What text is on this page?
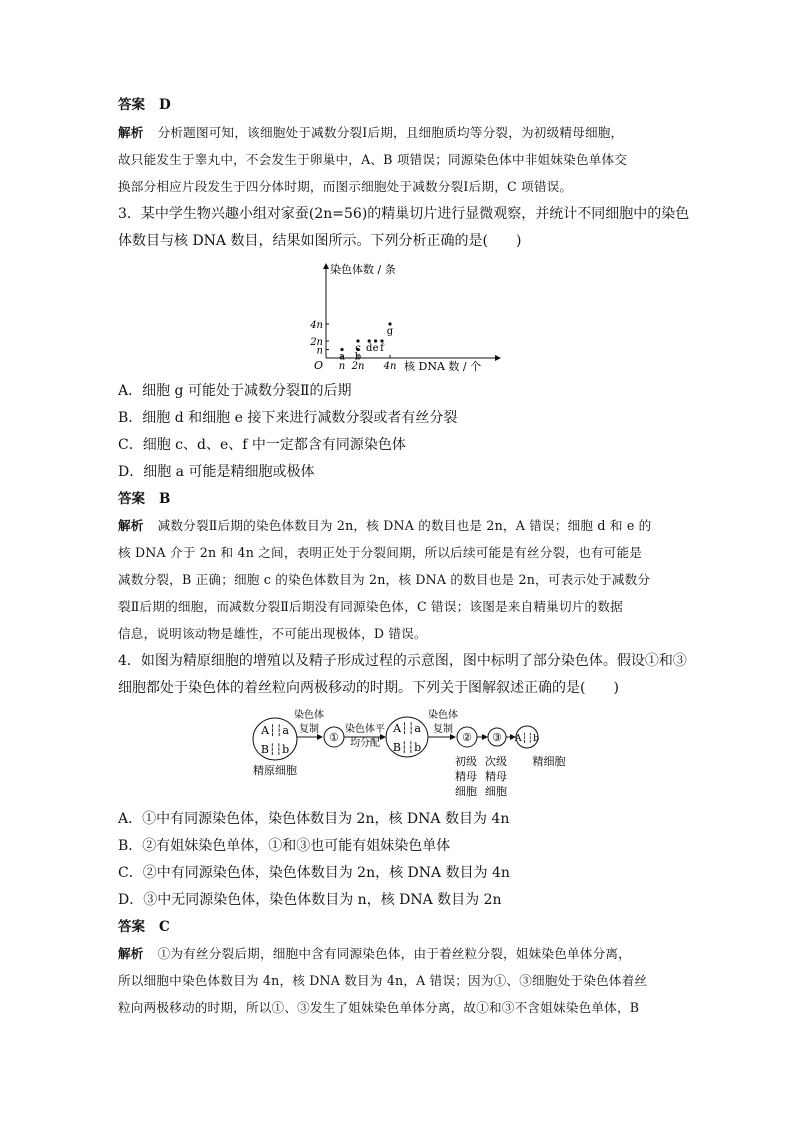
答案 D
解析 分析题图可知，该细胞处于减数分裂Ⅰ后期，且细胞质均等分裂，为初级精母细胞，
故只能发生于睾丸中，不会发生于卵巢中，A、B 项错误；同源染色体中非姐妹染色单体交
换部分相应片段发生于四分体时期，而图示细胞处于减数分裂Ⅰ后期，C 项错误。
3．某中学生物兴趣小组对家蚕(2n=56)的精巢切片进行显微观察，并统计不同细胞中的染色
体数目与核 DNA 数目，结果如图所示。下列分析正确的是(　　)
染色体数 / 条
核 DNA 数 / 个
O n 2n 4n
n
2n
4n
a b
c d e f
g
A．细胞 g 可能处于减数分裂Ⅱ的后期
B．细胞 d 和细胞 e 接下来进行减数分裂或者有丝分裂
C．细胞 c、d、e、f 中一定都含有同源染色体
D．细胞 a 可能是精细胞或极体
答案 B
解析 减数分裂Ⅱ后期的染色体数目为 2n，核 DNA 的数目也是 2n，A 错误；细胞 d 和 e 的
核 DNA 介于 2n 和 4n 之间，表明正处于分裂间期，所以后续可能是有丝分裂，也有可能是
减数分裂，B 正确；细胞 c 的染色体数目为 2n，核 DNA 的数目也是 2n，可表示处于减数分
裂Ⅱ后期的细胞，而减数分裂Ⅱ后期没有同源染色体，C 错误；该图是来自精巢切片的数据
信息，说明该动物是雄性，不可能出现极体，D 错误。
4．如图为精原细胞的增殖以及精子形成过程的示意图，图中标明了部分染色体。假设①和③
细胞都处于染色体的着丝粒向两极移动的时期。下列关于图解叙述正确的是(　　)
A┆┆a
B┆┆b
精原细胞
染色体
复制
①
染色体平
均分配
A┆┆a
B┆┆b
染色体
复制
② ③ A┆┆b
精细胞
初级
精母
细胞
次级
精母
细胞
A．①中有同源染色体，染色体数目为 2n，核 DNA 数目为 4n
B．②有姐妹染色单体，①和③也可能有姐妹染色单体
C．②中有同源染色体，染色体数目为 2n，核 DNA 数目为 4n
D．③中无同源染色体，染色体数目为 n，核 DNA 数目为 2n
答案 C
解析 ①为有丝分裂后期，细胞中含有同源染色体，由于着丝粒分裂，姐妹染色单体分离，
所以细胞中染色体数目为 4n，核 DNA 数目为 4n，A 错误；因为①、③细胞处于染色体着丝
粒向两极移动的时期，所以①、③发生了姐妹染色单体分离，故①和③不含姐妹染色单体，B
